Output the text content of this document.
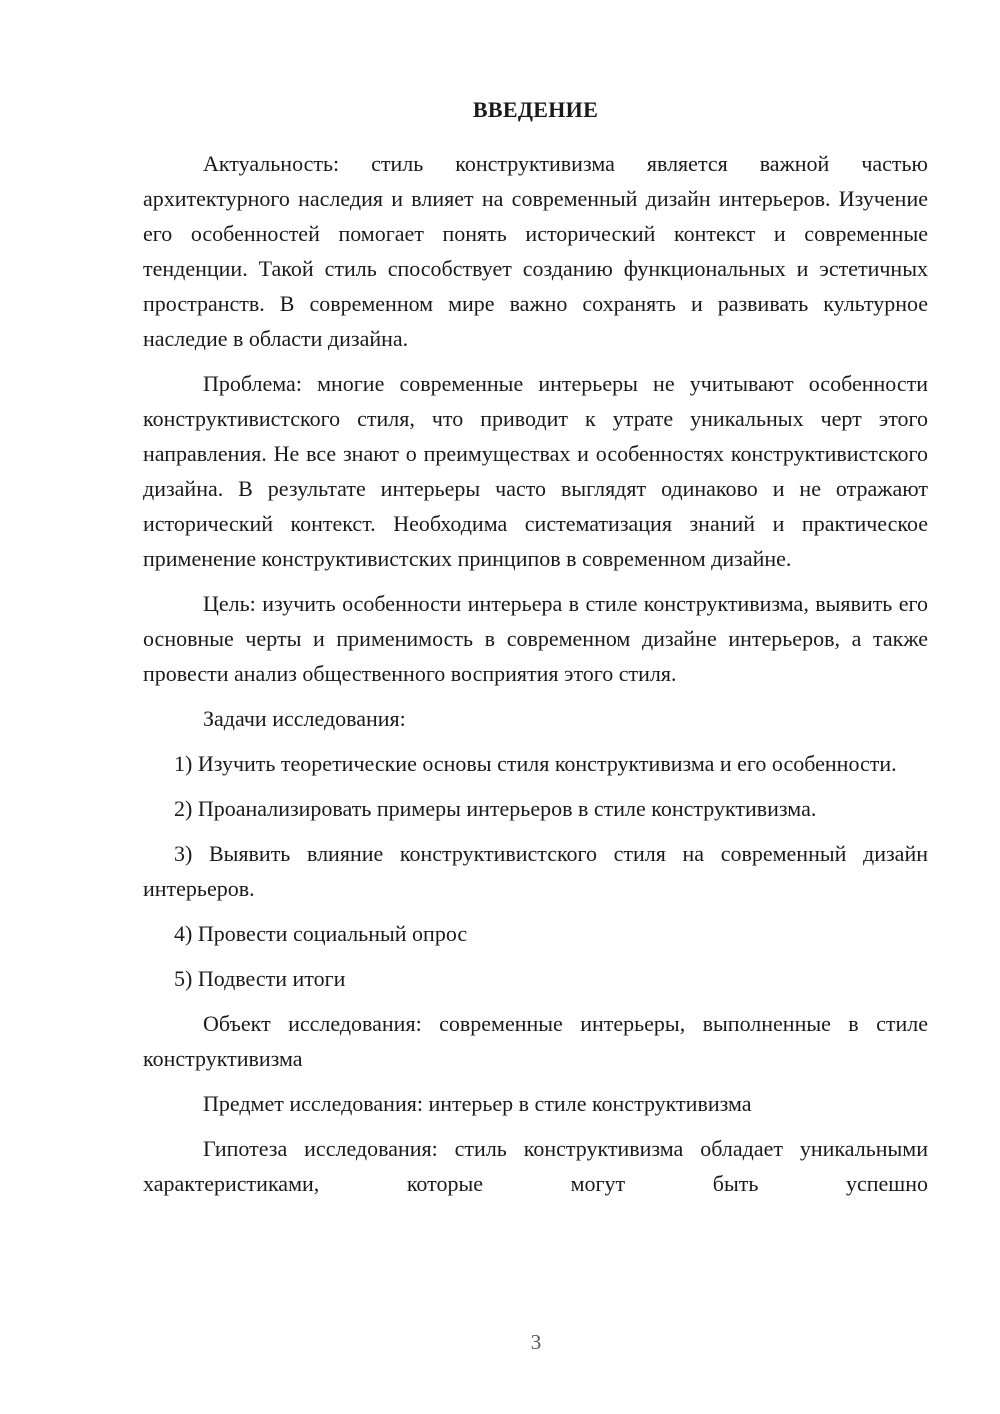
ВВЕДЕНИЕ

Актуальность: стиль конструктивизма является важной частью архитектурного наследия и влияет на современный дизайн интерьеров. Изучение его особенностей помогает понять исторический контекст и современные тенденции. Такой стиль способствует созданию функциональных и эстетичных пространств. В современном мире важно сохранять и развивать культурное наследие в области дизайна.

Проблема: многие современные интерьеры не учитывают особенности конструктивистского стиля, что приводит к утрате уникальных черт этого направления. Не все знают о преимуществах и особенностях конструктивистского дизайна. В результате интерьеры часто выглядят одинаково и не отражают исторический контекст. Необходима систематизация знаний и практическое применение конструктивистских принципов в современном дизайне.

Цель: изучить особенности интерьера в стиле конструктивизма, выявить его основные черты и применимость в современном дизайне интерьеров, а также провести анализ общественного восприятия этого стиля.

Задачи исследования:

1) Изучить теоретические основы стиля конструктивизма и его особенности.

2) Проанализировать примеры интерьеров в стиле конструктивизма.

3) Выявить влияние конструктивистского стиля на современный дизайн интерьеров.

4) Провести социальный опрос

5) Подвести итоги

Объект исследования: современные интерьеры, выполненные в стиле конструктивизма

Предмет исследования: интерьер в стиле конструктивизма

Гипотеза исследования: стиль конструктивизма обладает уникальными характеристиками, которые могут быть успешно

3
